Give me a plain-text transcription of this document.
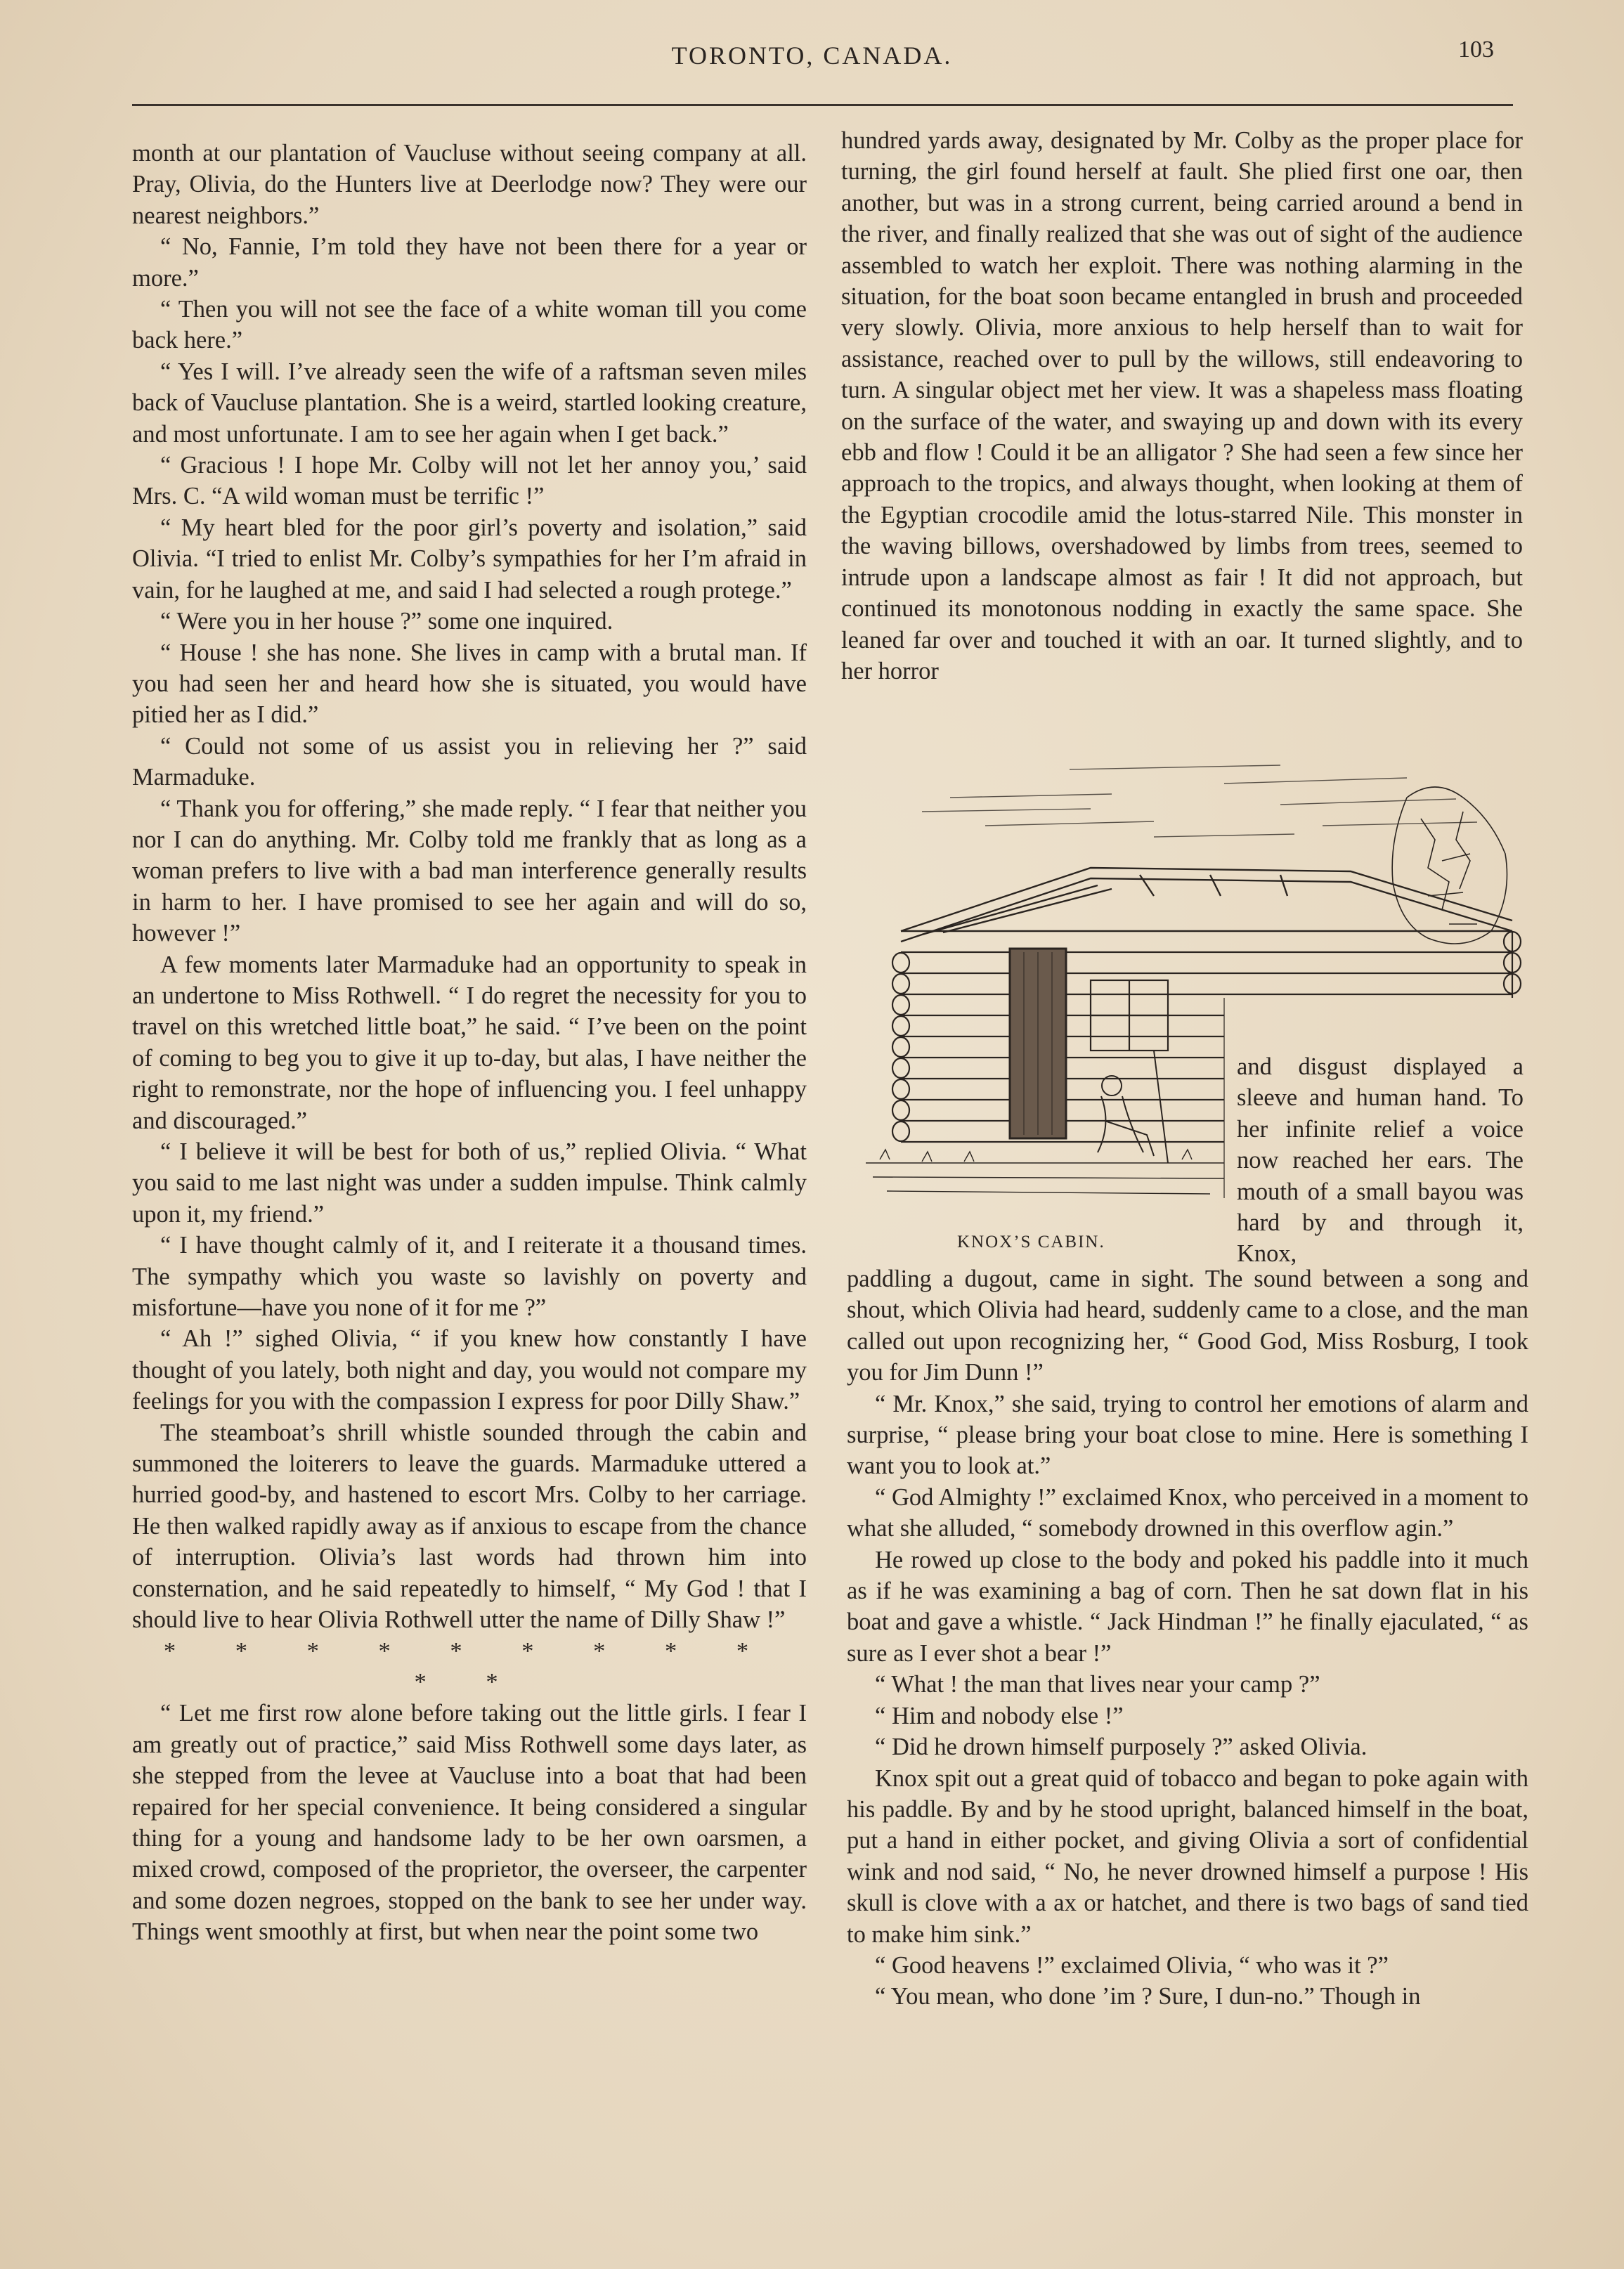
TORONTO, CANADA.	103

month at our plantation of Vaucluse without seeing company at all. Pray, Olivia, do the Hunters live at Deerlodge now? They were our nearest neighbors.”

“ No, Fannie, I’m told they have not been there for a year or more.”

“ Then you will not see the face of a white woman till you come back here.”

“ Yes I will. I’ve already seen the wife of a raftsman seven miles back of Vaucluse plantation. She is a weird, startled looking creature, and most unfortunate. I am to see her again when I get back.”

“ Gracious ! I hope Mr. Colby will not let her annoy you,’ said Mrs. C. “A wild woman must be terrific !”

“ My heart bled for the poor girl’s poverty and isolation,” said Olivia. “I tried to enlist Mr. Colby’s sympathies for her I’m afraid in vain, for he laughed at me, and said I had selected a rough protege.”

“ Were you in her house ?” some one inquired.

“ House ! she has none. She lives in camp with a brutal man. If you had seen her and heard how she is situated, you would have pitied her as I did.”

“ Could not some of us assist you in relieving her ?” said Marmaduke.

“ Thank you for offering,” she made reply. “ I fear that neither you nor I can do anything. Mr. Colby told me frankly that as long as a woman prefers to live with a bad man interference generally results in harm to her. I have promised to see her again and will do so, however !”

A few moments later Marmaduke had an opportunity to speak in an undertone to Miss Rothwell. “ I do regret the necessity for you to travel on this wretched little boat,” he said. “ I’ve been on the point of coming to beg you to give it up to-day, but alas, I have neither the right to remonstrate, nor the hope of influencing you. I feel unhappy and discouraged.”

“ I believe it will be best for both of us,” replied Olivia. “ What you said to me last night was under a sudden impulse. Think calmly upon it, my friend.”

“ I have thought calmly of it, and I reiterate it a thousand times. The sympathy which you waste so lavishly on poverty and misfortune—have you none of it for me ?”

“ Ah !” sighed Olivia, “ if you knew how constantly I have thought of you lately, both night and day, you would not compare my feelings for you with the compassion I express for poor Dilly Shaw.”

The steamboat’s shrill whistle sounded through the cabin and summoned the loiterers to leave the guards. Marmaduke uttered a hurried good-by, and hastened to escort Mrs. Colby to her carriage. He then walked rapidly away as if anxious to escape from the chance of interruption. Olivia’s last words had thrown him into consternation, and he said repeatedly to himself, “ My God ! that I should live to hear Olivia Rothwell utter the name of Dilly Shaw !”

* * * * * * * * * * *

“ Let me first row alone before taking out the little girls. I fear I am greatly out of practice,” said Miss Rothwell some days later, as she stepped from the levee at Vaucluse into a boat that had been repaired for her special convenience. It being considered a singular thing for a young and handsome lady to be her own oarsmen, a mixed crowd, composed of the proprietor, the overseer, the carpenter and some dozen negroes, stopped on the bank to see her under way. Things went smoothly at first, but when near the point some two

hundred yards away, designated by Mr. Colby as the proper place for turning, the girl found herself at fault. She plied first one oar, then another, but was in a strong current, being carried around a bend in the river, and finally realized that she was out of sight of the audience assembled to watch her exploit. There was nothing alarming in the situation, for the boat soon became entangled in brush and proceeded very slowly. Olivia, more anxious to help herself than to wait for assistance, reached over to pull by the willows, still endeavoring to turn. A singular object met her view. It was a shapeless mass floating on the surface of the water, and swaying up and down with its every ebb and flow ! Could it be an alligator ? She had seen a few since her approach to the tropics, and always thought, when looking at them of the Egyptian crocodile amid the lotus-starred Nile. This monster in the waving billows, overshadowed by limbs from trees, seemed to intrude upon a landscape almost as fair ! It did not approach, but continued its monotonous nodding in exactly the same space. She leaned far over and touched it with an oar. It turned slightly, and to her horror

and disgust displayed a sleeve and human hand. To her infinite relief a voice now reached her ears. The mouth of a small bayou was hard by and through it, Knox,
KNOX’S CABIN.

paddling a dugout, came in sight. The sound between a song and shout, which Olivia had heard, suddenly came to a close, and the man called out upon recognizing her, “ Good God, Miss Rosburg, I took you for Jim Dunn !”

“ Mr. Knox,” she said, trying to control her emotions of alarm and surprise, “ please bring your boat close to mine. Here is something I want you to look at.”

“ God Almighty !” exclaimed Knox, who perceived in a moment to what she alluded, “ somebody drowned in this overflow agin.”

He rowed up close to the body and poked his paddle into it much as if he was examining a bag of corn. Then he sat down flat in his boat and gave a whistle. “ Jack Hindman !” he finally ejaculated, “ as sure as I ever shot a bear !”

“ What ! the man that lives near your camp ?”

“ Him and nobody else !”

“ Did he drown himself purposely ?” asked Olivia.

Knox spit out a great quid of tobacco and began to poke again with his paddle. By and by he stood upright, balanced himself in the boat, put a hand in either pocket, and giving Olivia a sort of confidential wink and nod said, “ No, he never drowned himself a purpose ! His skull is clove with a ax or hatchet, and there is two bags of sand tied to make him sink.”

“ Good heavens !” exclaimed Olivia, “ who was it ?”

“ You mean, who done ’im ? Sure, I dun-no.” Though in
